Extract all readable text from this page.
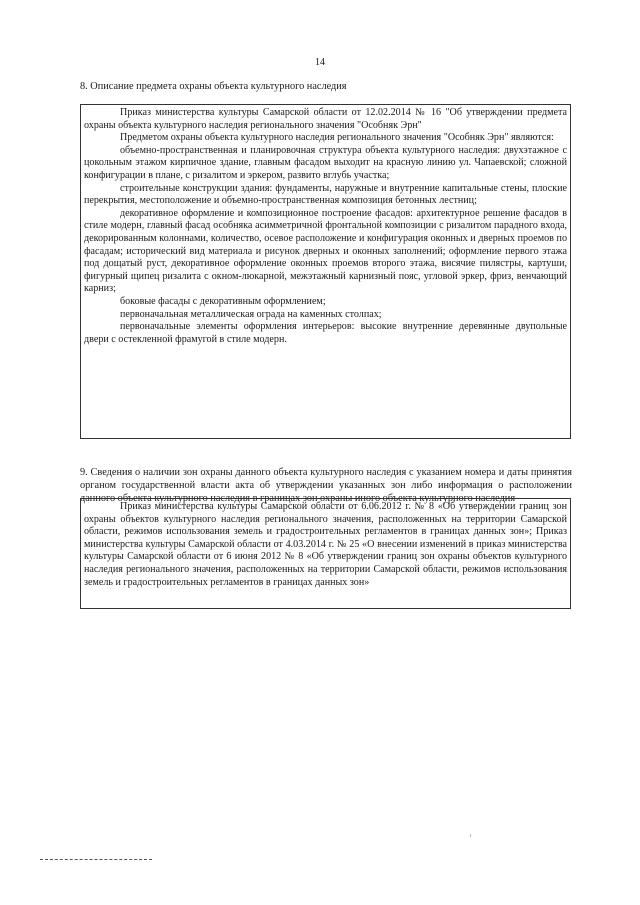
14
8. Описание предмета охраны объекта культурного наследия

Приказ министерства культуры Самарской области от 12.02.2014 № 16 "Об утверждении предмета охраны объекта культурного наследия регионального значения "Особняк Эрн"

Предметом охраны объекта культурного наследия регионального значения "Особняк Эрн" являются:

объемно-пространственная и планировочная структура объекта культурного наследия: двухэтажное с цокольным этажом кирпичное здание, главным фасадом выходит на красную линию ул. Чапаевской; сложной конфигурации в плане, с ризалитом и эркером, развито вглубь участка;

строительные конструкции здания: фундаменты, наружные и внутренние капитальные стены, плоские перекрытия, местоположение и объемно-пространственная композиция бетонных лестниц;

декоративное оформление и композиционное построение фасадов: архитектурное решение фасадов в стиле модерн, главный фасад особняка асимметричной фронтальной композиции с ризалитом парадного входа, декорированным колоннами, количество, осевое расположение и конфигурация оконных и дверных проемов по фасадам; исторический вид материала и рисунок дверных и оконных заполнений; оформление первого этажа под дощатый руст, декоративное оформление оконных проемов второго этажа, висячие пилястры, картуши, фигурный щипец ризалита с окном-люкарной, межэтажный карнизный пояс, угловой эркер, фриз, венчающий карниз;

боковые фасады с декоративным оформлением;

первоначальная металлическая ограда на каменных столпах;

первоначальные элементы оформления интерьеров: высокие внутренние деревянные двупольные двери с остекленной фрамугой в стиле модерн.

9. Сведения о наличии зон охраны данного объекта культурного наследия с указанием номера и даты принятия органом государственной власти акта об утверждении указанных зон либо информация о расположении данного объекта культурного наследия в границах зон охраны иного объекта культурного наследия

Приказ министерства культуры Самарской области от 6.06.2012 г. № 8 «Об утверждении границ зон охраны объектов культурного наследия регионального значения, расположенных на территории Самарской области, режимов использования земель и градостроительных регламентов в границах данных зон»; Приказ министерства культуры Самарской области от 4.03.2014 г. № 25 «О внесении изменений в приказ министерства культуры Самарской области от 6 июня 2012 № 8 «Об утверждении границ зон охраны объектов культурного наследия регионального значения, расположенных на территории Самарской области, режимов использования земель и градостроительных регламентов в границах данных зон»
